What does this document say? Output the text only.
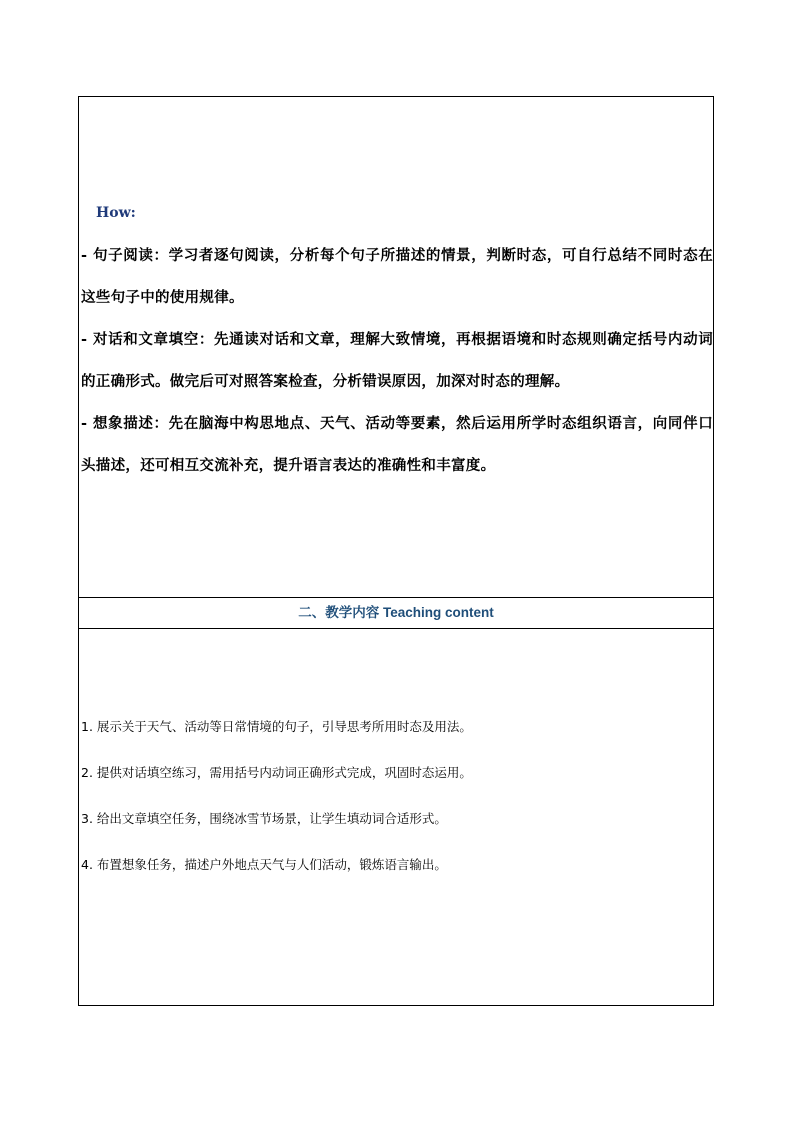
How:
- 句子阅读：学习者逐句阅读，分析每个句子所描述的情景，判断时态，可自行总结不同时态在这些句子中的使用规律。
- 对话和文章填空：先通读对话和文章，理解大致情境，再根据语境和时态规则确定括号内动词的正确形式。做完后可对照答案检查，分析错误原因，加深对时态的理解。
- 想象描述：先在脑海中构思地点、天气、活动等要素，然后运用所学时态组织语言，向同伴口头描述，还可相互交流补充，提升语言表达的准确性和丰富度。
二、教学内容 Teaching content
1. 展示关于天气、活动等日常情境的句子，引导思考所用时态及用法。
2. 提供对话填空练习，需用括号内动词正确形式完成，巩固时态运用。
3. 给出文章填空任务，围绕冰雪节场景，让学生填动词合适形式。
4. 布置想象任务，描述户外地点天气与人们活动，锻炼语言输出。
